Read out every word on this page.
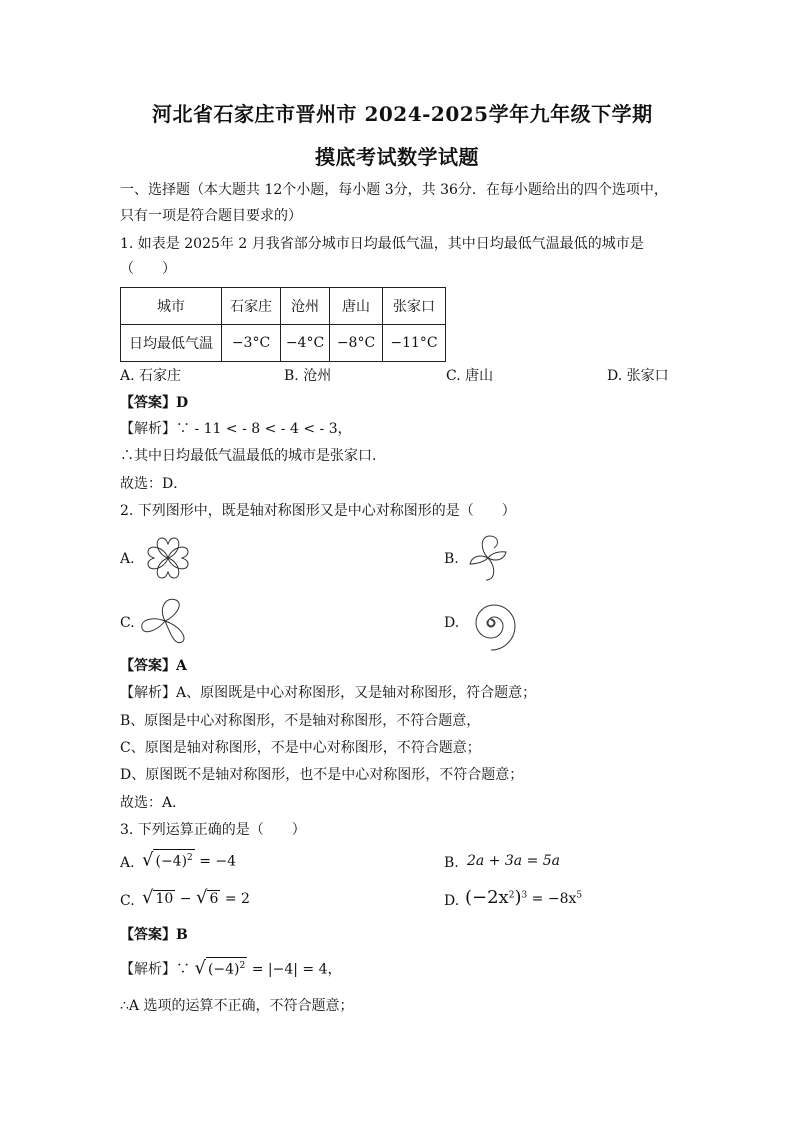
河北省石家庄市晋州市 2024-2025学年九年级下学期
摸底考试数学试题
一、选择题（本大题共 12个小题，每小题 3分，共 36分．在每小题给出的四个选项中，
只有一项是符合题目要求的）
1. 如表是 2025年 2 月我省部分城市日均最低气温，其中日均最低气温最低的城市是
（　　）
城市	石家庄	沧州	唐山	张家口
日均最低气温	−3°C	−4°C	−8°C	−11°C
A. 石家庄	B. 沧州	C. 唐山	D. 张家口
【答案】D
【解析】∵ - 11 < - 8 < - 4 < - 3，
∴其中日均最低气温最低的城市是张家口．
故选：D．
2. 下列图形中，既是轴对称图形又是中心对称图形的是（　　）
A.	B.
C.	D.
【答案】A
【解析】A、原图既是中心对称图形，又是轴对称图形，符合题意；
B、原图是中心对称图形，不是轴对称图形，不符合题意，
C、原图是轴对称图形，不是中心对称图形，不符合题意；
D、原图既不是轴对称图形，也不是中心对称图形，不符合题意；
故选：A．
3. 下列运算正确的是（　　）
A. √ $(-4)^2 = -4$	B. 2a + 3a = 5a
C. √ 10 − √ 6 = 2	D. $(-2x^2)^3 = -8x^5$
【答案】B
【解析】∵ √ $(-4)^2 = |-4| = 4$，
∴A 选项的运算不正确，不符合题意；
